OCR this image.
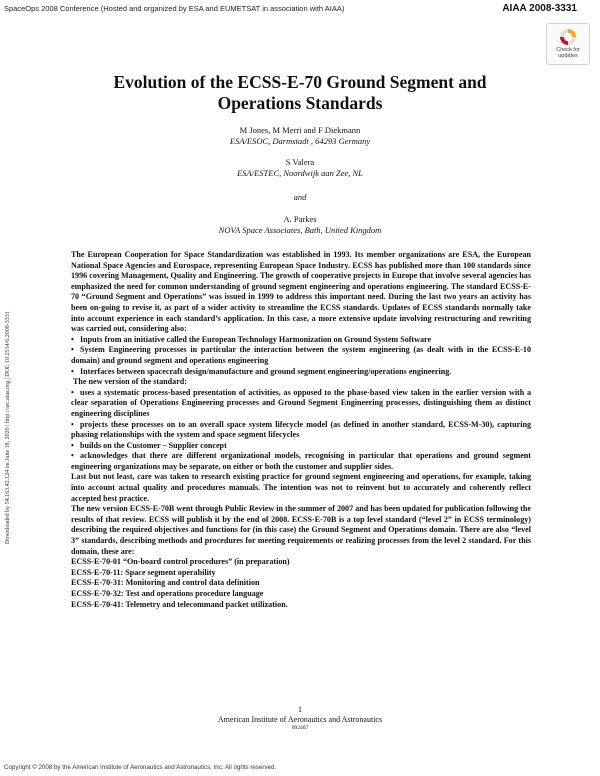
SpaceOps 2008 Conference (Hosted and organized by ESA and EUMETSAT in association with AIAA)	AIAA 2008-3331
Check for updates
Downloaded by 54.163.42.124 on June 18, 2020 | http://arc.aiaa.org | DOI: 10.2514/6.2008-3331
Evolution of the ECSS-E-70 Ground Segment and
Operations Standards
M Jones, M Merri and F Diekmann
ESA/ESOC, Darmstadt , 64293 Germany
S Valera
ESA/ESTEC, Noordwijk aan Zee, NL
and
A. Parkes
NOVA Space Associates, Bath, United Kingdom

The European Cooperation for Space Standardization was established in 1993. Its member organizations are ESA, the European National Space Agencies and Eurospace, representing European Space Industry. ECSS has published more than 100 standards since 1996 covering Management, Quality and Engineering. The growth of cooperative projects in Europe that involve several agencies has emphasized the need for common understanding of ground segment engineering and operations engineering. The standard ECSS-E-70 “Ground Segment and Operations” was issued in 1999 to address this important need. During the last two years an activity has been on-going to revise it, as part of a wider activity to streamline the ECSS standards. Updates of ECSS standards normally take into account experience in each standard’s application. In this case, a more extensive update involving restructuring and rewriting was carried out, considering also:

• Inputs from an initiative called the European Technology Harmonization on Ground System Software

• System Engineering processes in particular the interaction between the system engineering (as dealt with in the ECSS-E-10 domain) and ground segment and operations engineering

• Interfaces between spacecraft design/manufacture and ground segment engineering/operations engineering.

The new version of the standard:

• uses a systematic process-based presentation of activities, as opposed to the phase-based view taken in the earlier version with a clear separation of Operations Engineering processes and Ground Segment Engineering processes, distinguishing them as distinct engineering disciplines

• projects these processes on to an overall space system lifecycle model (as defined in another standard, ECSS-M-30), capturing phasing relationships with the system and space segment lifecycles

• builds on the Customer – Supplier concept

• acknowledges that there are different organizational models, recognising in particular that operations and ground segment engineering organizations may be separate, on either or both the customer and supplier sides.

Last but not least, care was taken to research existing practice for ground segment engineering and operations, for example, taking into account actual quality and procedures manuals. The intention was not to reinvent but to accurately and coherently reflect accepted best practice.

The new version ECSS-E-70B went through Public Review in the summer of 2007 and has been updated for publication following the results of that review. ECSS will publish it by the end of 2008. ECSS-E-70B is a top level standard (“level 2” in ECSS terminology) describing the required objectives and functions for (in this case) the Ground Segment and Operations domain. There are also “level 3” standards, describing methods and procedures for meeting requirements or realizing processes from the level 2 standard. For this domain, these are:

ECSS-E-70-01 “On-board control procedures” (in preparation)

ECSS-E-70-11: Space segment operability

ECSS-E-70-31: Monitoring and control data definition

ECSS-E-70-32: Test and operations procedure language

ECSS-E-70-41: Telemetry and telecommand packet utilization.

1
American Institute of Aeronautics and Astronautics
092407
Copyright © 2008 by the American Institute of Aeronautics and Astronautics, Inc. All rights reserved.
